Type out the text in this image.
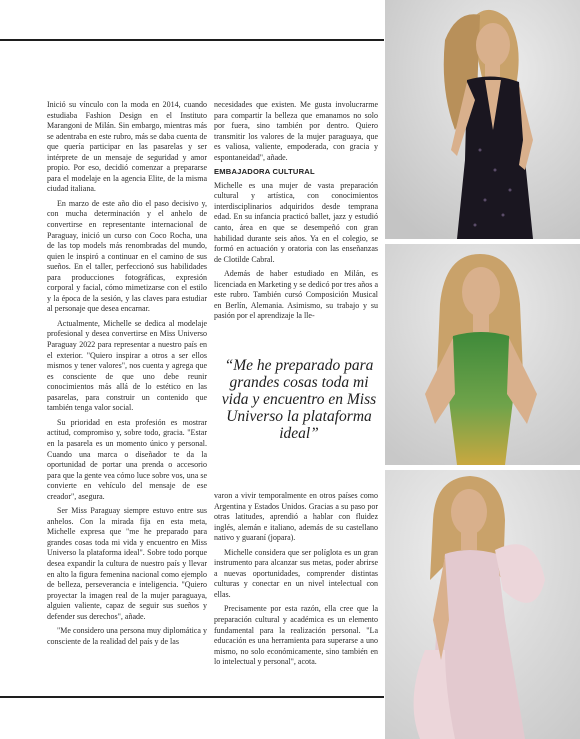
Inició su vínculo con la moda en 2014, cuando estudiaba Fashion Design en el Instituto Marangoni de Milán. Sin embargo, mientras más se adentraba en este rubro, más se daba cuenta de que quería participar en las pasarelas y ser intérprete de un mensaje de seguridad y amor propio. Por eso, decidió comenzar a prepararse para el modelaje en la agencia Elite, de la misma ciudad italiana.

En marzo de este año dio el paso decisivo y, con mucha determinación y el anhelo de convertirse en representante internacional de Paraguay, inició un curso con Coco Rocha, una de las top models más renombradas del mundo, quien le inspiró a continuar en el camino de sus sueños. En el taller, perfeccionó sus habilidades para producciones fotográficas, expresión corporal y facial, cómo mimetizarse con el estilo y la época de la sesión, y las claves para estudiar al personaje que desea encarnar.

Actualmente, Michelle se dedica al modelaje profesional y desea convertirse en Miss Universo Paraguay 2022 para representar a nuestro país en el exterior. "Quiero inspirar a otros a ser ellos mismos y tener valores", nos cuenta y agrega que es consciente de que uno debe reunir conocimientos más allá de lo estético en las pasarelas, para construir un contenido que también tenga valor social.

Su prioridad en esta profesión es mostrar actitud, compromiso y, sobre todo, gracia. "Estar en la pasarela es un momento único y personal. Cuando una marca o diseñador te da la oportunidad de portar una prenda o accesorio para que la gente vea cómo luce sobre vos, una se convierte en vehículo del mensaje de ese creador", asegura.

Ser Miss Paraguay siempre estuvo entre sus anhelos. Con la mirada fija en esta meta, Michelle expresa que "me he preparado para grandes cosas toda mi vida y encuentro en Miss Universo la plataforma ideal". Sobre todo porque desea expandir la cultura de nuestro país y llevar en alto la figura femenina nacional como ejemplo de belleza, perseverancia e inteligencia. "Quiero proyectar la imagen real de la mujer paraguaya, alguien valiente, capaz de seguir sus sueños y defender sus derechos", añade.

"Me considero una persona muy diplomática y consciente de la realidad del país y de las

necesidades que existen. Me gusta involucrarme para compartir la belleza que emanamos no solo por fuera, sino también por dentro. Quiero transmitir los valores de la mujer paraguaya, que es valiosa, valiente, empoderada, con gracia y espontaneidad", añade.

EMBAJADORA CULTURAL

Michelle es una mujer de vasta preparación cultural y artística, con conocimientos interdisciplinarios adquiridos desde temprana edad. En su infancia practicó ballet, jazz y estudió canto, área en que se desempeñó con gran habilidad durante seis años. Ya en el colegio, se formó en actuación y oratoria con las enseñanzas de Clotilde Cabral.

Además de haber estudiado en Milán, es licenciada en Marketing y se dedicó por tres años a este rubro. También cursó Composición Musical en Berlín, Alemania. Asimismo, su trabajo y su pasión por el aprendizaje la lle-

“Me he preparado para grandes cosas toda mi vida y encuentro en Miss Universo la plataforma ideal”

varon a vivir temporalmente en otros países como Argentina y Estados Unidos. Gracias a su paso por otras latitudes, aprendió a hablar con fluidez inglés, alemán e italiano, además de su castellano nativo y guaraní (jopara).

Michelle considera que ser políglota es un gran instrumento para alcanzar sus metas, poder abrirse a nuevas oportunidades, comprender distintas culturas y conectar en un nivel intelectual con ellas.

Precisamente por esta razón, ella cree que la preparación cultural y académica es un elemento fundamental para la realización personal. "La educación es una herramienta para superarse a uno mismo, no solo económicamente, sino también en lo intelectual y personal", acota.
